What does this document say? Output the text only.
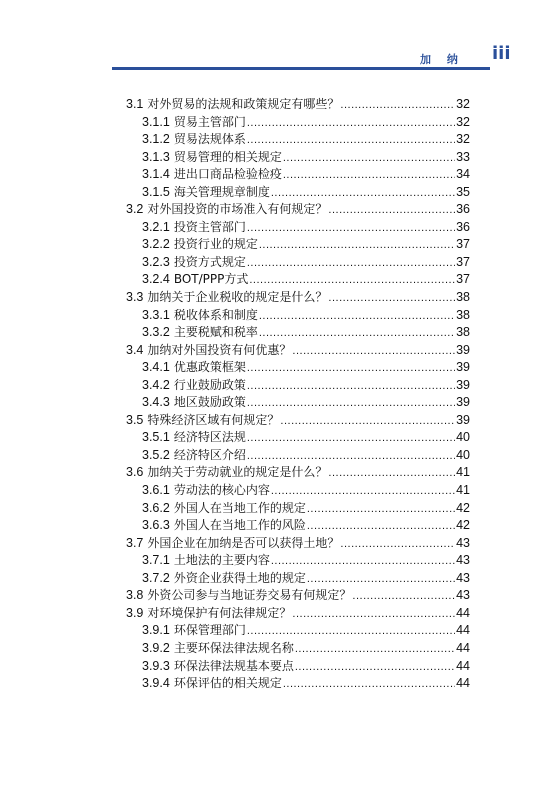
加 纳 iii
3.1 对外贸易的法规和政策规定有哪些？ .....	32
3.1.1 贸易主管部门 .....	32
3.1.2 贸易法规体系 .....	32
3.1.3 贸易管理的相关规定 .....	33
3.1.4 进出口商品检验检疫 .....	34
3.1.5 海关管理规章制度 .....	35
3.2 对外国投资的市场准入有何规定？ .....	36
3.2.1 投资主管部门 .....	36
3.2.2 投资行业的规定 .....	37
3.2.3 投资方式规定 .....	37
3.2.4 BOT/PPP方式 .....	37
3.3 加纳关于企业税收的规定是什么？ .....	38
3.3.1 税收体系和制度 .....	38
3.3.2 主要税赋和税率 .....	38
3.4 加纳对外国投资有何优惠？ .....	39
3.4.1 优惠政策框架 .....	39
3.4.2 行业鼓励政策 .....	39
3.4.3 地区鼓励政策 .....	39
3.5 特殊经济区域有何规定？ .....	39
3.5.1 经济特区法规 .....	40
3.5.2 经济特区介绍 .....	40
3.6 加纳关于劳动就业的规定是什么？ .....	41
3.6.1 劳动法的核心内容 .....	41
3.6.2 外国人在当地工作的规定 .....	42
3.6.3 外国人在当地工作的风险 .....	42
3.7 外国企业在加纳是否可以获得土地？ .....	43
3.7.1 土地法的主要内容 .....	43
3.7.2 外资企业获得土地的规定 .....	43
3.8 外资公司参与当地证券交易有何规定？ .....	43
3.9 对环境保护有何法律规定？ .....	44
3.9.1 环保管理部门 .....	44
3.9.2 主要环保法律法规名称 .....	44
3.9.3 环保法律法规基本要点 .....	44
3.9.4 环保评估的相关规定 .....	44
